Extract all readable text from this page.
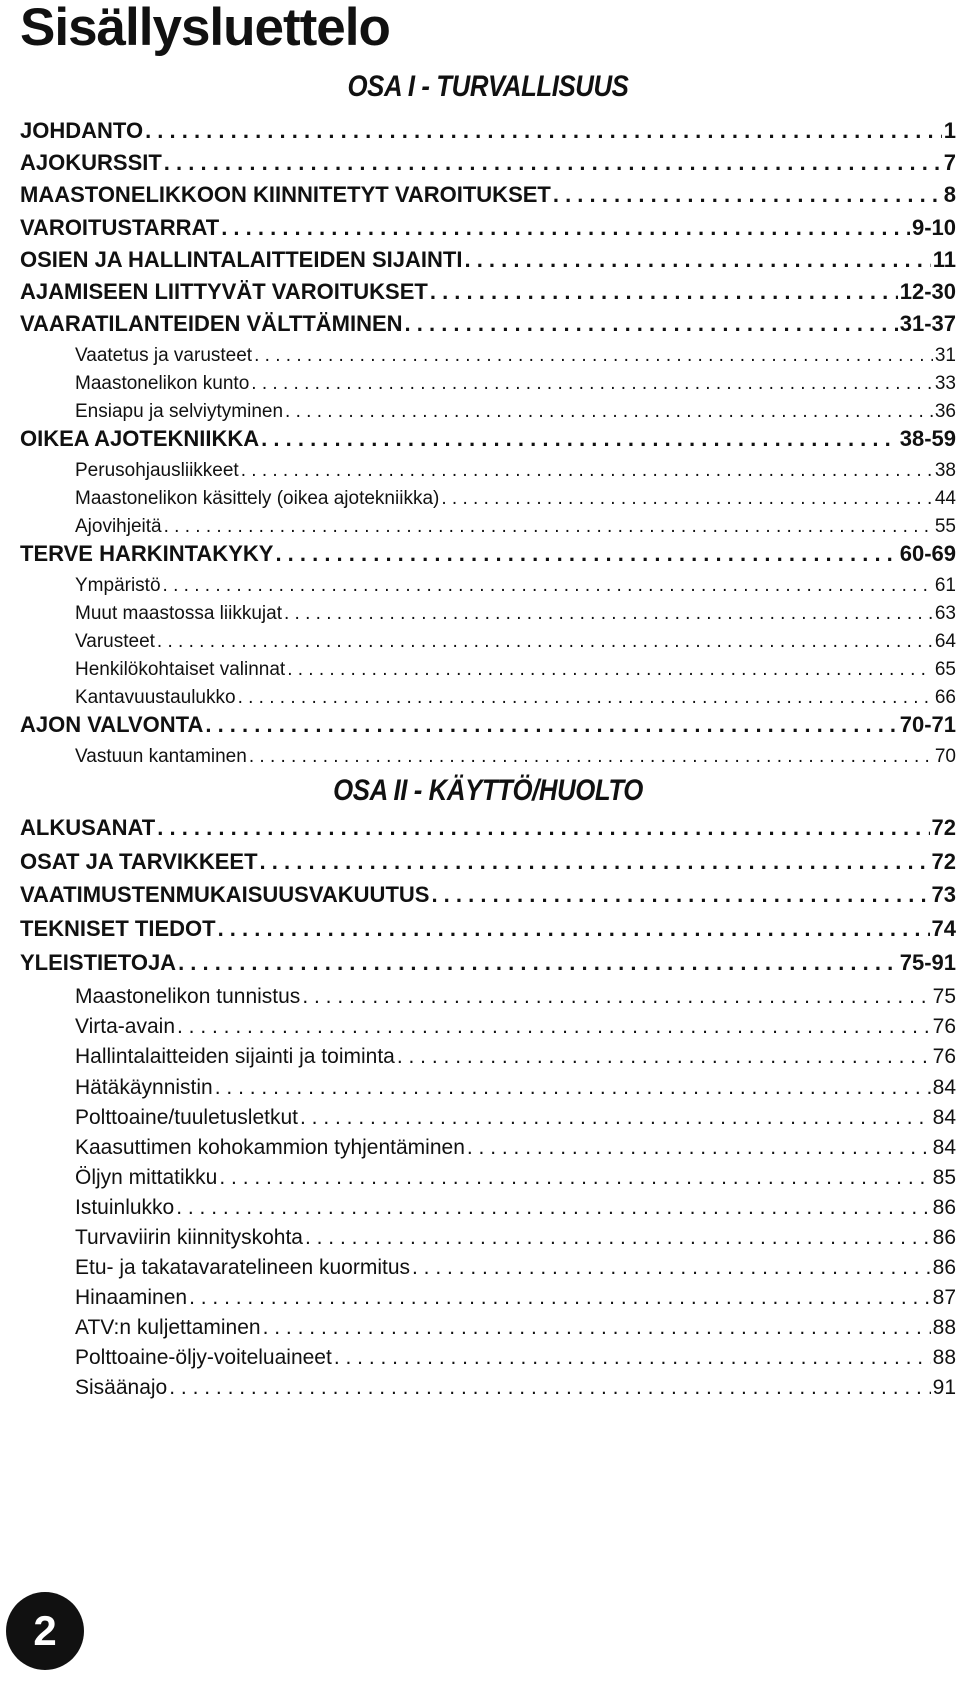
Sisällysluettelo
OSA I - TURVALLISUUS
OSA II - KÄYTTÖ/HUOLTO
JOHDANTO . . .	1
AJOKURSSIT . . .	7
MAASTONELIKKOON KIINNITETYT VAROITUKSET . . .	8
VAROITUSTARRAT . . .	9-10
OSIEN JA HALLINTALAITTEIDEN SIJAINTI . . .	11
AJAMISEEN LIITTYVÄT VAROITUKSET . . .	12-30
VAARATILANTEIDEN VÄLTTÄMINEN . . .	31-37
Vaatetus ja varusteet . . .	31
Maastonelikon kunto . . .	33
Ensiapu ja selviytyminen . . .	36
OIKEA AJOTEKNIIKKA . . .	38-59
Perusohjausliikkeet . . .	38
Maastonelikon käsittely (oikea ajotekniikka) . . .	44
Ajovihjeitä . . .	55
TERVE HARKINTAKYKY . . .	60-69
Ympäristö . . .	61
Muut maastossa liikkujat . . .	63
Varusteet . . .	64
Henkilökohtaiset valinnat . . .	65
Kantavuustaulukko . . .	66
AJON VALVONTA . . .	70-71
Vastuun kantaminen . . .	70
ALKUSANAT . . .	72
OSAT JA TARVIKKEET . . .	72
VAATIMUSTENMUKAISUUSVAKUUTUS . . .	73
TEKNISET TIEDOT . . .	74
YLEISTIETOJA . . .	75-91
Maastonelikon tunnistus . . .	75
Virta-avain . . .	76
Hallintalaitteiden sijainti ja toiminta . . .	76
Hätäkäynnistin . . .	84
Polttoaine/tuuletusletkut . . .	84
Kaasuttimen kohokammion tyhjentäminen . . .	84
Öljyn mittatikku . . .	85
Istuinlukko . . .	86
Turvaviirin kiinnityskohta . . .	86
Etu- ja takatavaratelineen kuormitus . . .	86
Hinaaminen . . .	87
ATV:n kuljettaminen . . .	88
Polttoaine-öljy-voiteluaineet . . .	88
Sisäänajo . . .	91
2
